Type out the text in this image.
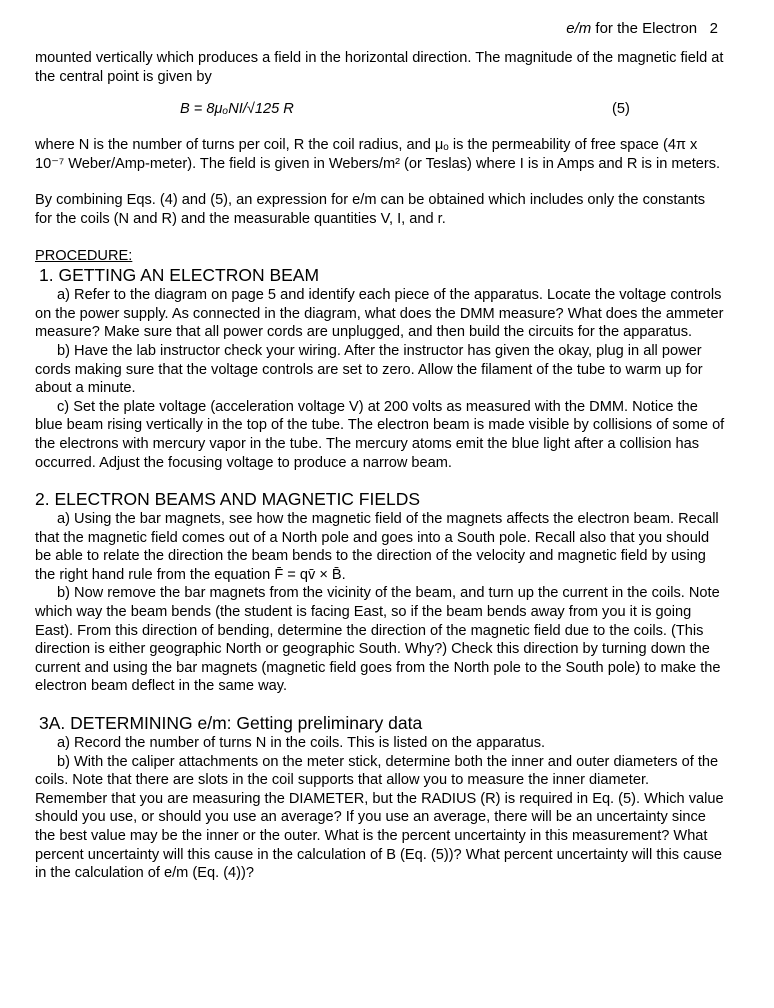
e/m for the Electron 2

mounted vertically which produces a field in the horizontal direction. The magnitude of the magnetic field at the central point is given by

B = 8μₒNI/√125 R	(5)

where N is the number of turns per coil, R the coil radius, and μₒ is the permeability of free space (4π x 10⁻⁷ Weber/Amp-meter). The field is given in Webers/m² (or Teslas) where I is in Amps and R is in meters.

By combining Eqs. (4) and (5), an expression for e/m can be obtained which includes only the constants for the coils (N and R) and the measurable quantities V, I, and r.

PROCEDURE:

1. GETTING AN ELECTRON BEAM

a) Refer to the diagram on page 5 and identify each piece of the apparatus. Locate the voltage controls on the power supply. As connected in the diagram, what does the DMM measure? What does the ammeter measure? Make sure that all power cords are unplugged, and then build the circuits for the apparatus.

b) Have the lab instructor check your wiring. After the instructor has given the okay, plug in all power cords making sure that the voltage controls are set to zero. Allow the filament of the tube to warm up for about a minute.

c) Set the plate voltage (acceleration voltage V) at 200 volts as measured with the DMM. Notice the blue beam rising vertically in the top of the tube. The electron beam is made visible by collisions of some of the electrons with mercury vapor in the tube. The mercury atoms emit the blue light after a collision has occurred. Adjust the focusing voltage to produce a narrow beam.

2. ELECTRON BEAMS AND MAGNETIC FIELDS

a) Using the bar magnets, see how the magnetic field of the magnets affects the electron beam. Recall that the magnetic field comes out of a North pole and goes into a South pole. Recall also that you should be able to relate the direction the beam bends to the direction of the velocity and magnetic field by using the right hand rule from the equation F̄ = qv̄ × B̄.

b) Now remove the bar magnets from the vicinity of the beam, and turn up the current in the coils. Note which way the beam bends (the student is facing East, so if the beam bends away from you it is going East). From this direction of bending, determine the direction of the magnetic field due to the coils. (This direction is either geographic North or geographic South. Why?) Check this direction by turning down the current and using the bar magnets (magnetic field goes from the North pole to the South pole) to make the electron beam deflect in the same way.

3A. DETERMINING e/m: Getting preliminary data

a) Record the number of turns N in the coils. This is listed on the apparatus.

b) With the caliper attachments on the meter stick, determine both the inner and outer diameters of the coils. Note that there are slots in the coil supports that allow you to measure the inner diameter. Remember that you are measuring the DIAMETER, but the RADIUS (R) is required in Eq. (5). Which value should you use, or should you use an average? If you use an average, there will be an uncertainty since the best value may be the inner or the outer. What is the percent uncertainty in this measurement? What percent uncertainty will this cause in the calculation of B (Eq. (5))? What percent uncertainty will this cause in the calculation of e/m (Eq. (4))?
